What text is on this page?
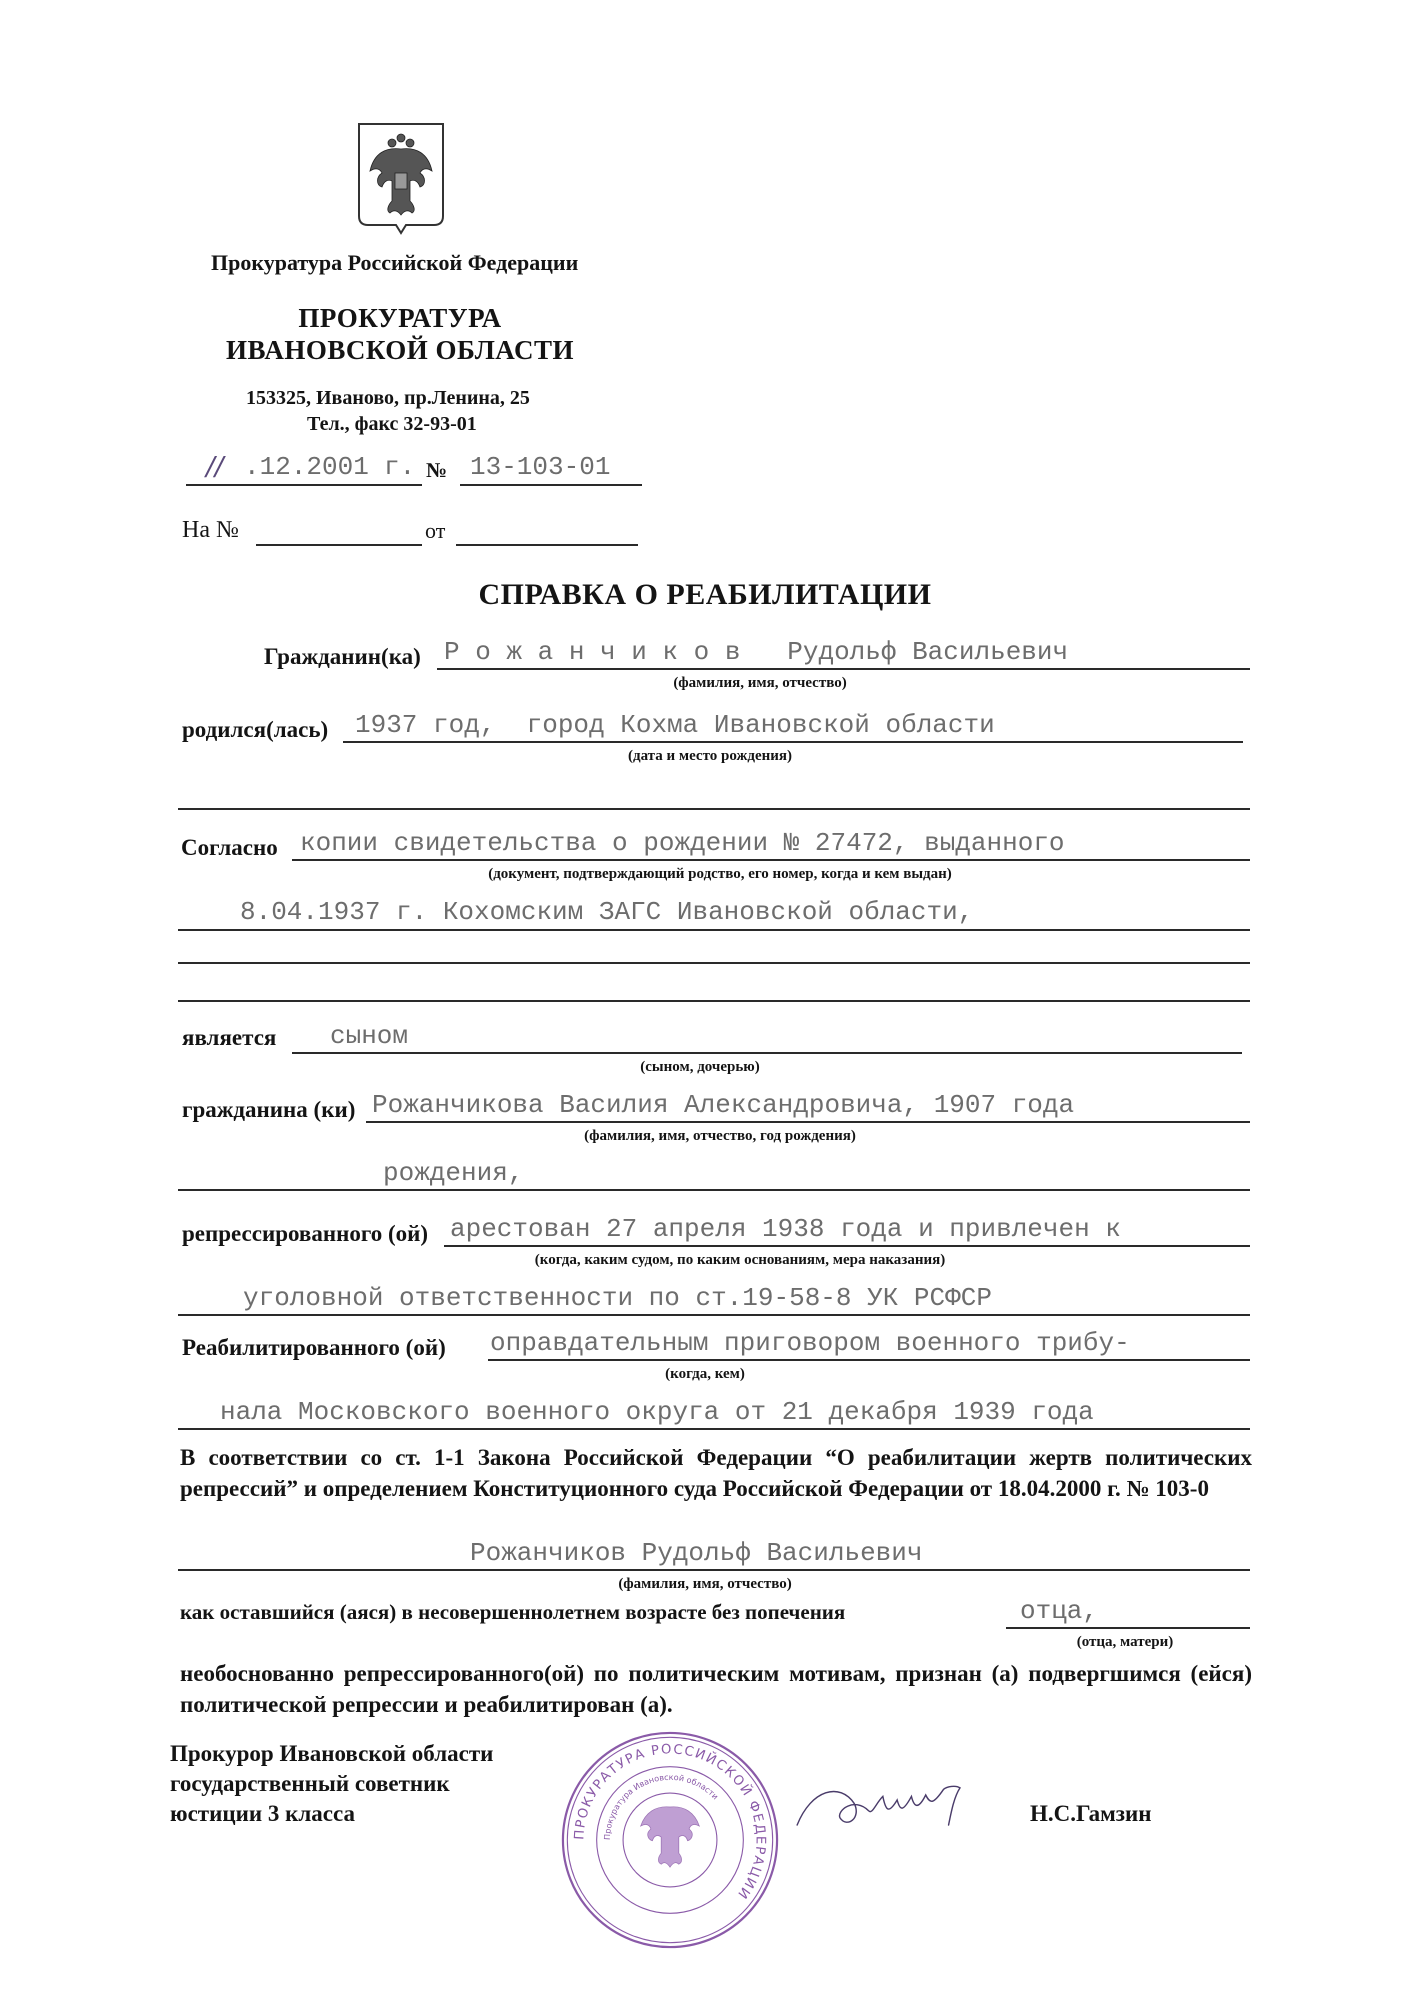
Прокуратура Российской Федерации
ПРОКУРАТУРА
ИВАНОВСКОЙ ОБЛАСТИ
153325, Иваново, пр.Ленина, 25
Тел., факс 32-93-01
// .12.2001 г. № 13-103-01
На №	от
СПРАВКА О РЕАБИЛИТАЦИИ
Гражданин(ка) Р о ж а н ч и к о в   Рудольф Васильевич
(фамилия, имя, отчество)
родился(лась) 1937 год,  город Кохма Ивановской области
(дата и место рождения)
Согласно копии свидетельства о рождении № 27472, выданного
(документ, подтверждающий родство, его номер, когда и кем выдан)
8.04.1937 г. Кохомским ЗАГС Ивановской области,
является сыном
(сыном, дочерью)
гражданина (ки) Рожанчикова Василия Александровича, 1907 года
(фамилия, имя, отчество, год рождения)
рождения,
репрессированного (ой) арестован 27 апреля 1938 года и привлечен к
(когда, каким судом, по каким основаниям, мера наказания)
уголовной ответственности по ст.19-58-8 УК РСФСР
Реабилитированного (ой) оправдательным приговором военного трибу-
(когда, кем)
нала Московского военного округа от 21 декабря 1939 года
В соответствии со ст. 1-1 Закона Российской Федерации “О реабилитации жертв политических репрессий” и определением Конституционного суда Российской Федерации от 18.04.2000 г. № 103-0
Рожанчиков Рудольф Васильевич
(фамилия, имя, отчество)
как оставшийся (аяся) в несовершеннолетнем возрасте без попечения	отца,
(отца, матери)
необоснованно репрессированного(ой) по политическим мотивам, признан (а) подвергшимся (ейся) политической репрессии и реабилитирован (а).
Прокурор Ивановской области
государственный советник
юстиции 3 класса	Н.С.Гамзин
ПРОКУРАТУРА РОССИЙСКОЙ ФЕДЕРАЦИИ
Прокуратура Ивановской области
